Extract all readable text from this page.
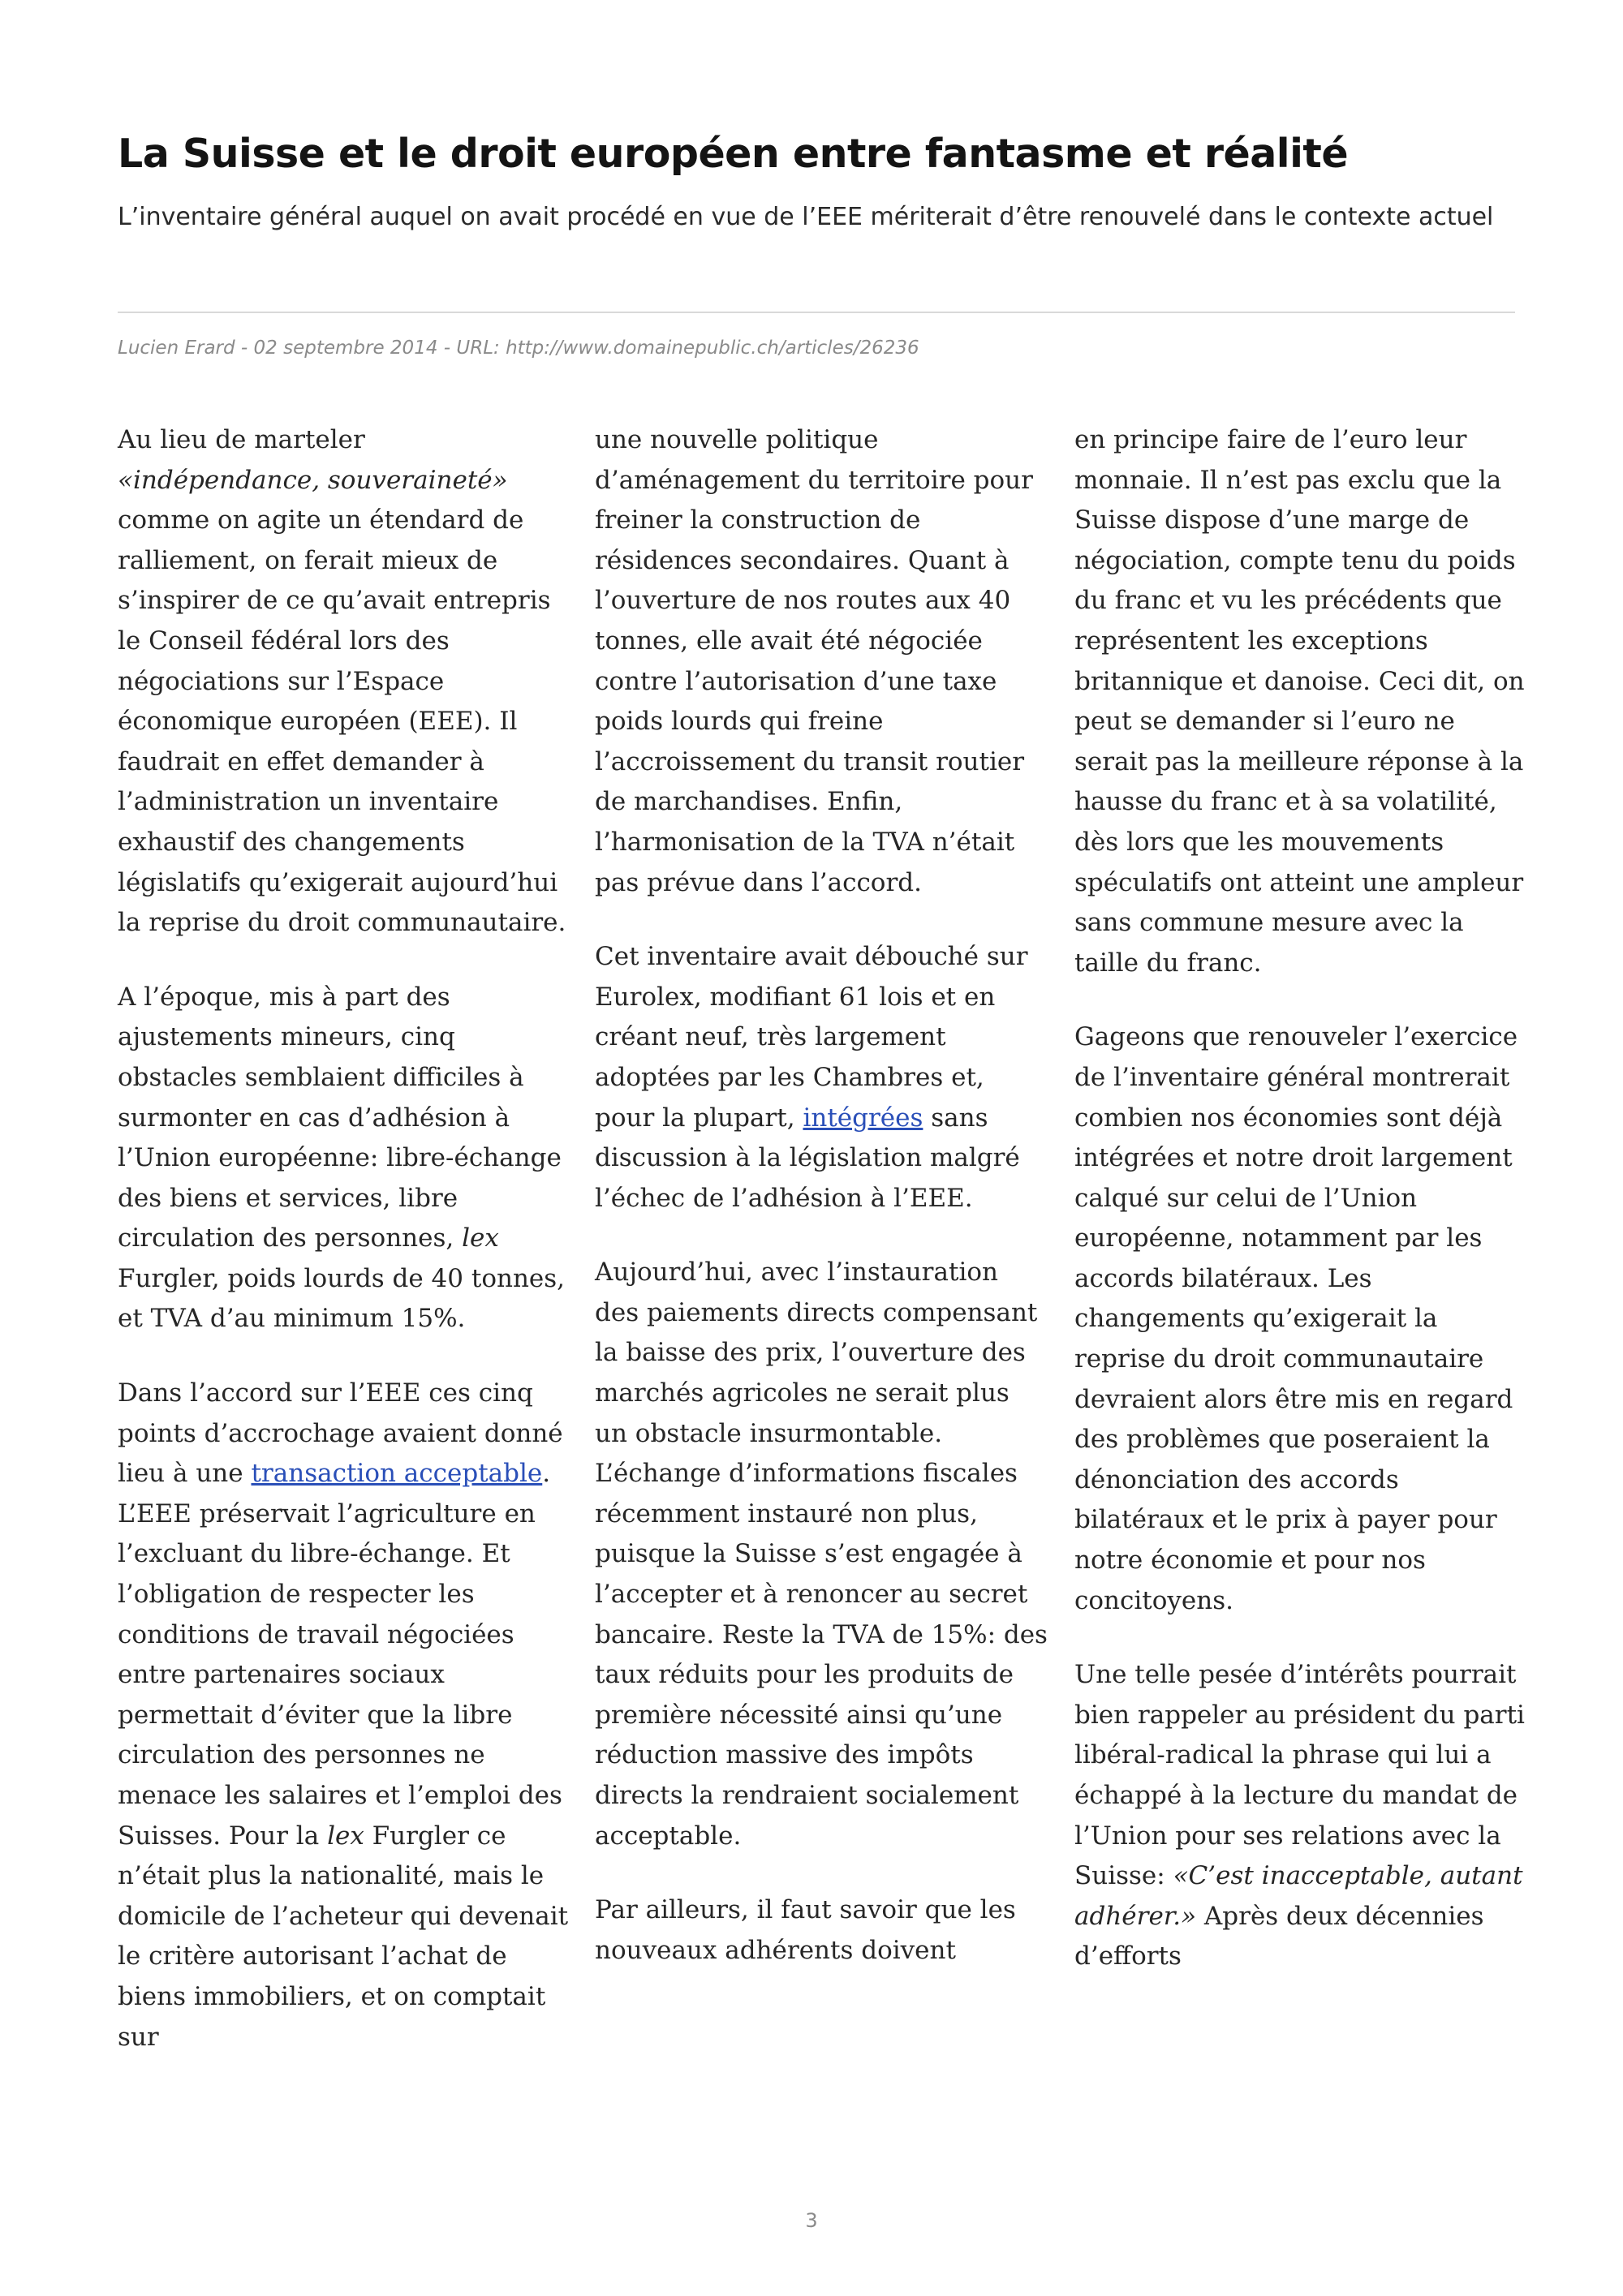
La Suisse et le droit européen entre fantasme et réalité

L’inventaire général auquel on avait procédé en vue de l’EEE mériterait d’être renouvelé dans le contexte actuel

Lucien Erard - 02 septembre 2014 - URL: http://www.domainepublic.ch/articles/26236

Au lieu de marteler «indépendance, souveraineté» comme on agite un étendard de ralliement, on ferait mieux de s’inspirer de ce qu’avait entrepris le Conseil fédéral lors des négociations sur l’Espace économique européen (EEE). Il faudrait en effet demander à l’administration un inventaire exhaustif des changements législatifs qu’exigerait aujourd’hui la reprise du droit communautaire.

A l’époque, mis à part des ajustements mineurs, cinq obstacles semblaient difficiles à surmonter en cas d’adhésion à l’Union européenne: libre-échange des biens et services, libre circulation des personnes, lex Furgler, poids lourds de 40 tonnes, et TVA d’au minimum 15%.

Dans l’accord sur l’EEE ces cinq points d’accrochage avaient donné lieu à une transaction acceptable. L’EEE préservait l’agriculture en l’excluant du libre-échange. Et l’obligation de respecter les conditions de travail négociées entre partenaires sociaux permettait d’éviter que la libre circulation des personnes ne menace les salaires et l’emploi des Suisses. Pour la lex Furgler ce n’était plus la nationalité, mais le domicile de l’acheteur qui devenait le critère autorisant l’achat de biens immobiliers, et on comptait sur

une nouvelle politique d’aménagement du territoire pour freiner la construction de résidences secondaires. Quant à l’ouverture de nos routes aux 40 tonnes, elle avait été négociée contre l’autorisation d’une taxe poids lourds qui freine l’accroissement du transit routier de marchandises. Enfin, l’harmonisation de la TVA n’était pas prévue dans l’accord.

Cet inventaire avait débouché sur Eurolex, modifiant 61 lois et en créant neuf, très largement adoptées par les Chambres et, pour la plupart, intégrées sans discussion à la législation malgré l’échec de l’adhésion à l’EEE.

Aujourd’hui, avec l’instauration des paiements directs compensant la baisse des prix, l’ouverture des marchés agricoles ne serait plus un obstacle insurmontable. L’échange d’informations fiscales récemment instauré non plus, puisque la Suisse s’est engagée à l’accepter et à renoncer au secret bancaire. Reste la TVA de 15%: des taux réduits pour les produits de première nécessité ainsi qu’une réduction massive des impôts directs la rendraient socialement acceptable.

Par ailleurs, il faut savoir que les nouveaux adhérents doivent

en principe faire de l’euro leur monnaie. Il n’est pas exclu que la Suisse dispose d’une marge de négociation, compte tenu du poids du franc et vu les précédents que représentent les exceptions britannique et danoise. Ceci dit, on peut se demander si l’euro ne serait pas la meilleure réponse à la hausse du franc et à sa volatilité, dès lors que les mouvements spéculatifs ont atteint une ampleur sans commune mesure avec la taille du franc.

Gageons que renouveler l’exercice de l’inventaire général montrerait combien nos économies sont déjà intégrées et notre droit largement calqué sur celui de l’Union européenne, notamment par les accords bilatéraux. Les changements qu’exigerait la reprise du droit communautaire devraient alors être mis en regard des problèmes que poseraient la dénonciation des accords bilatéraux et le prix à payer pour notre économie et pour nos concitoyens.

Une telle pesée d’intérêts pourrait bien rappeler au président du parti libéral-radical la phrase qui lui a échappé à la lecture du mandat de l’Union pour ses relations avec la Suisse: «C’est inacceptable, autant adhérer.» Après deux décennies d’efforts

3
